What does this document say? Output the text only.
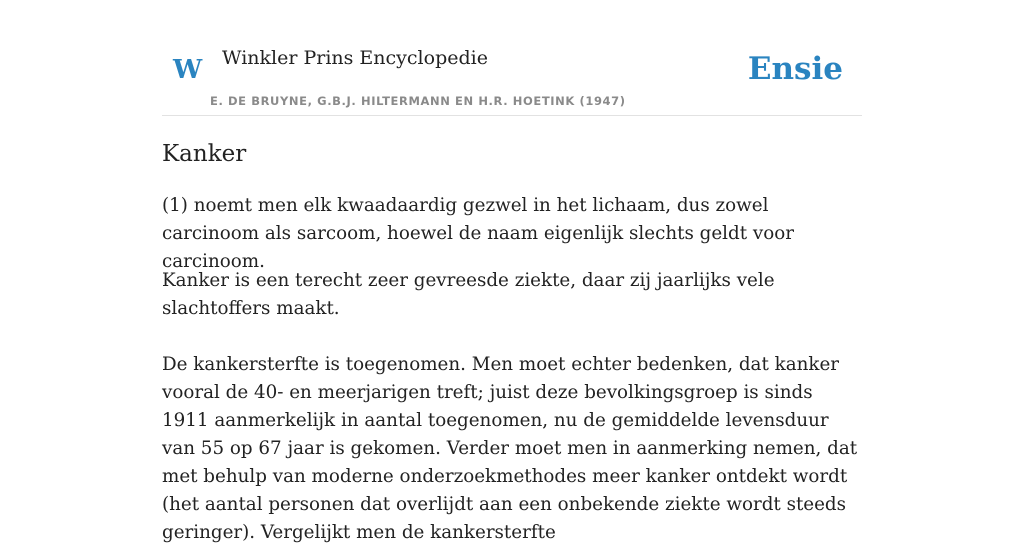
W Winkler Prins Encyclopedie
E. DE BRUYNE, G.B.J. HILTERMANN EN H.R. HOETINK (1947)
Ensie
Kanker

(1) noemt men elk kwaadaardig gezwel in het lichaam, dus zowel carcinoom als sarcoom, hoewel de naam eigenlijk slechts geldt voor carcinoom.

Kanker is een terecht zeer gevreesde ziekte, daar zij jaarlijks vele slachtoffers maakt.

De kankersterfte is toegenomen. Men moet echter bedenken, dat kanker vooral de 40- en meerjarigen treft; juist deze bevolkingsgroep is sinds 1911 aanmerkelijk in aantal toegenomen, nu de gemiddelde levensduur van 55 op 67 jaar is gekomen. Verder moet men in aanmerking nemen, dat met behulp van moderne onderzoekmethodes meer kanker ontdekt wordt (het aantal personen dat overlijdt aan een onbekende ziekte wordt steeds geringer). Vergelijkt men de kankersterfte
